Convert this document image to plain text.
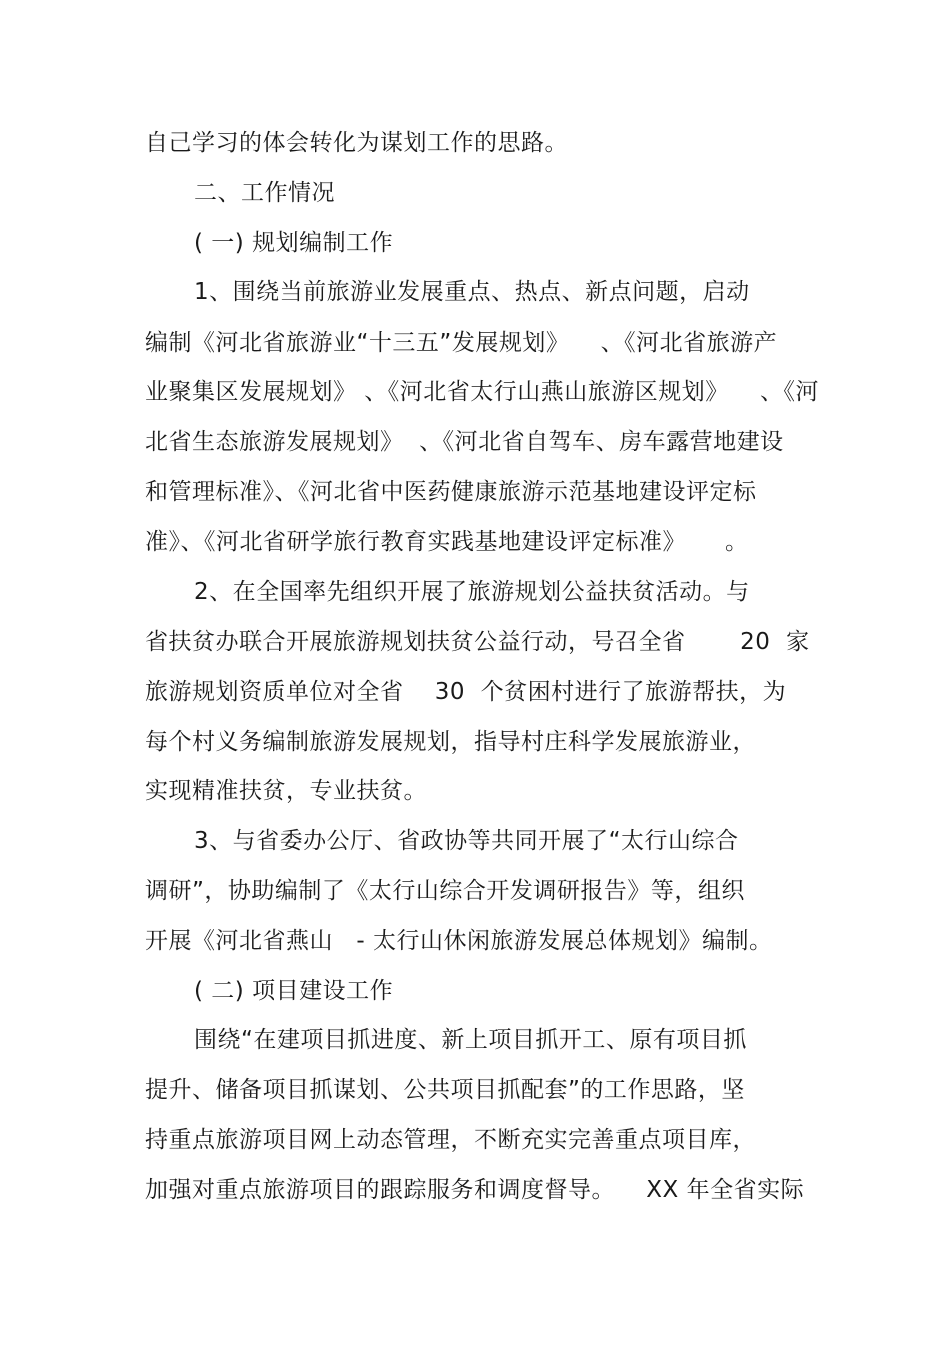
自己学习的体会转化为谋划工作的思路。
二、工作情况
( 一) 规划编制工作
1、围绕当前旅游业发展重点、热点、新点问题，启动
编制《河北省旅游业“十三五”发展规划》    、《河北省旅游产
业聚集区发展规划》 、《河北省太行山燕山旅游区规划》    、《河
北省生态旅游发展规划》  、《河北省自驾车、房车露营地建设
和管理标准》、《河北省中医药健康旅游示范基地建设评定标
准》、《河北省研学旅行教育实践基地建设评定标准》     。
2、在全国率先组织开展了旅游规划公益扶贫活动。与
省扶贫办联合开展旅游规划扶贫公益行动，号召全省       20  家
旅游规划资质单位对全省    30  个贫困村进行了旅游帮扶，为
每个村义务编制旅游发展规划，指导村庄科学发展旅游业，
实现精准扶贫，专业扶贫。
3、与省委办公厅、省政协等共同开展了“太行山综合
调研”，协助编制了《太行山综合开发调研报告》等，组织
开展《河北省燕山   - 太行山休闲旅游发展总体规划》编制。
( 二) 项目建设工作
围绕“在建项目抓进度、新上项目抓开工、原有项目抓
提升、储备项目抓谋划、公共项目抓配套”的工作思路，坚
持重点旅游项目网上动态管理，不断充实完善重点项目库，
加强对重点旅游项目的跟踪服务和调度督导。    XX 年全省实际
